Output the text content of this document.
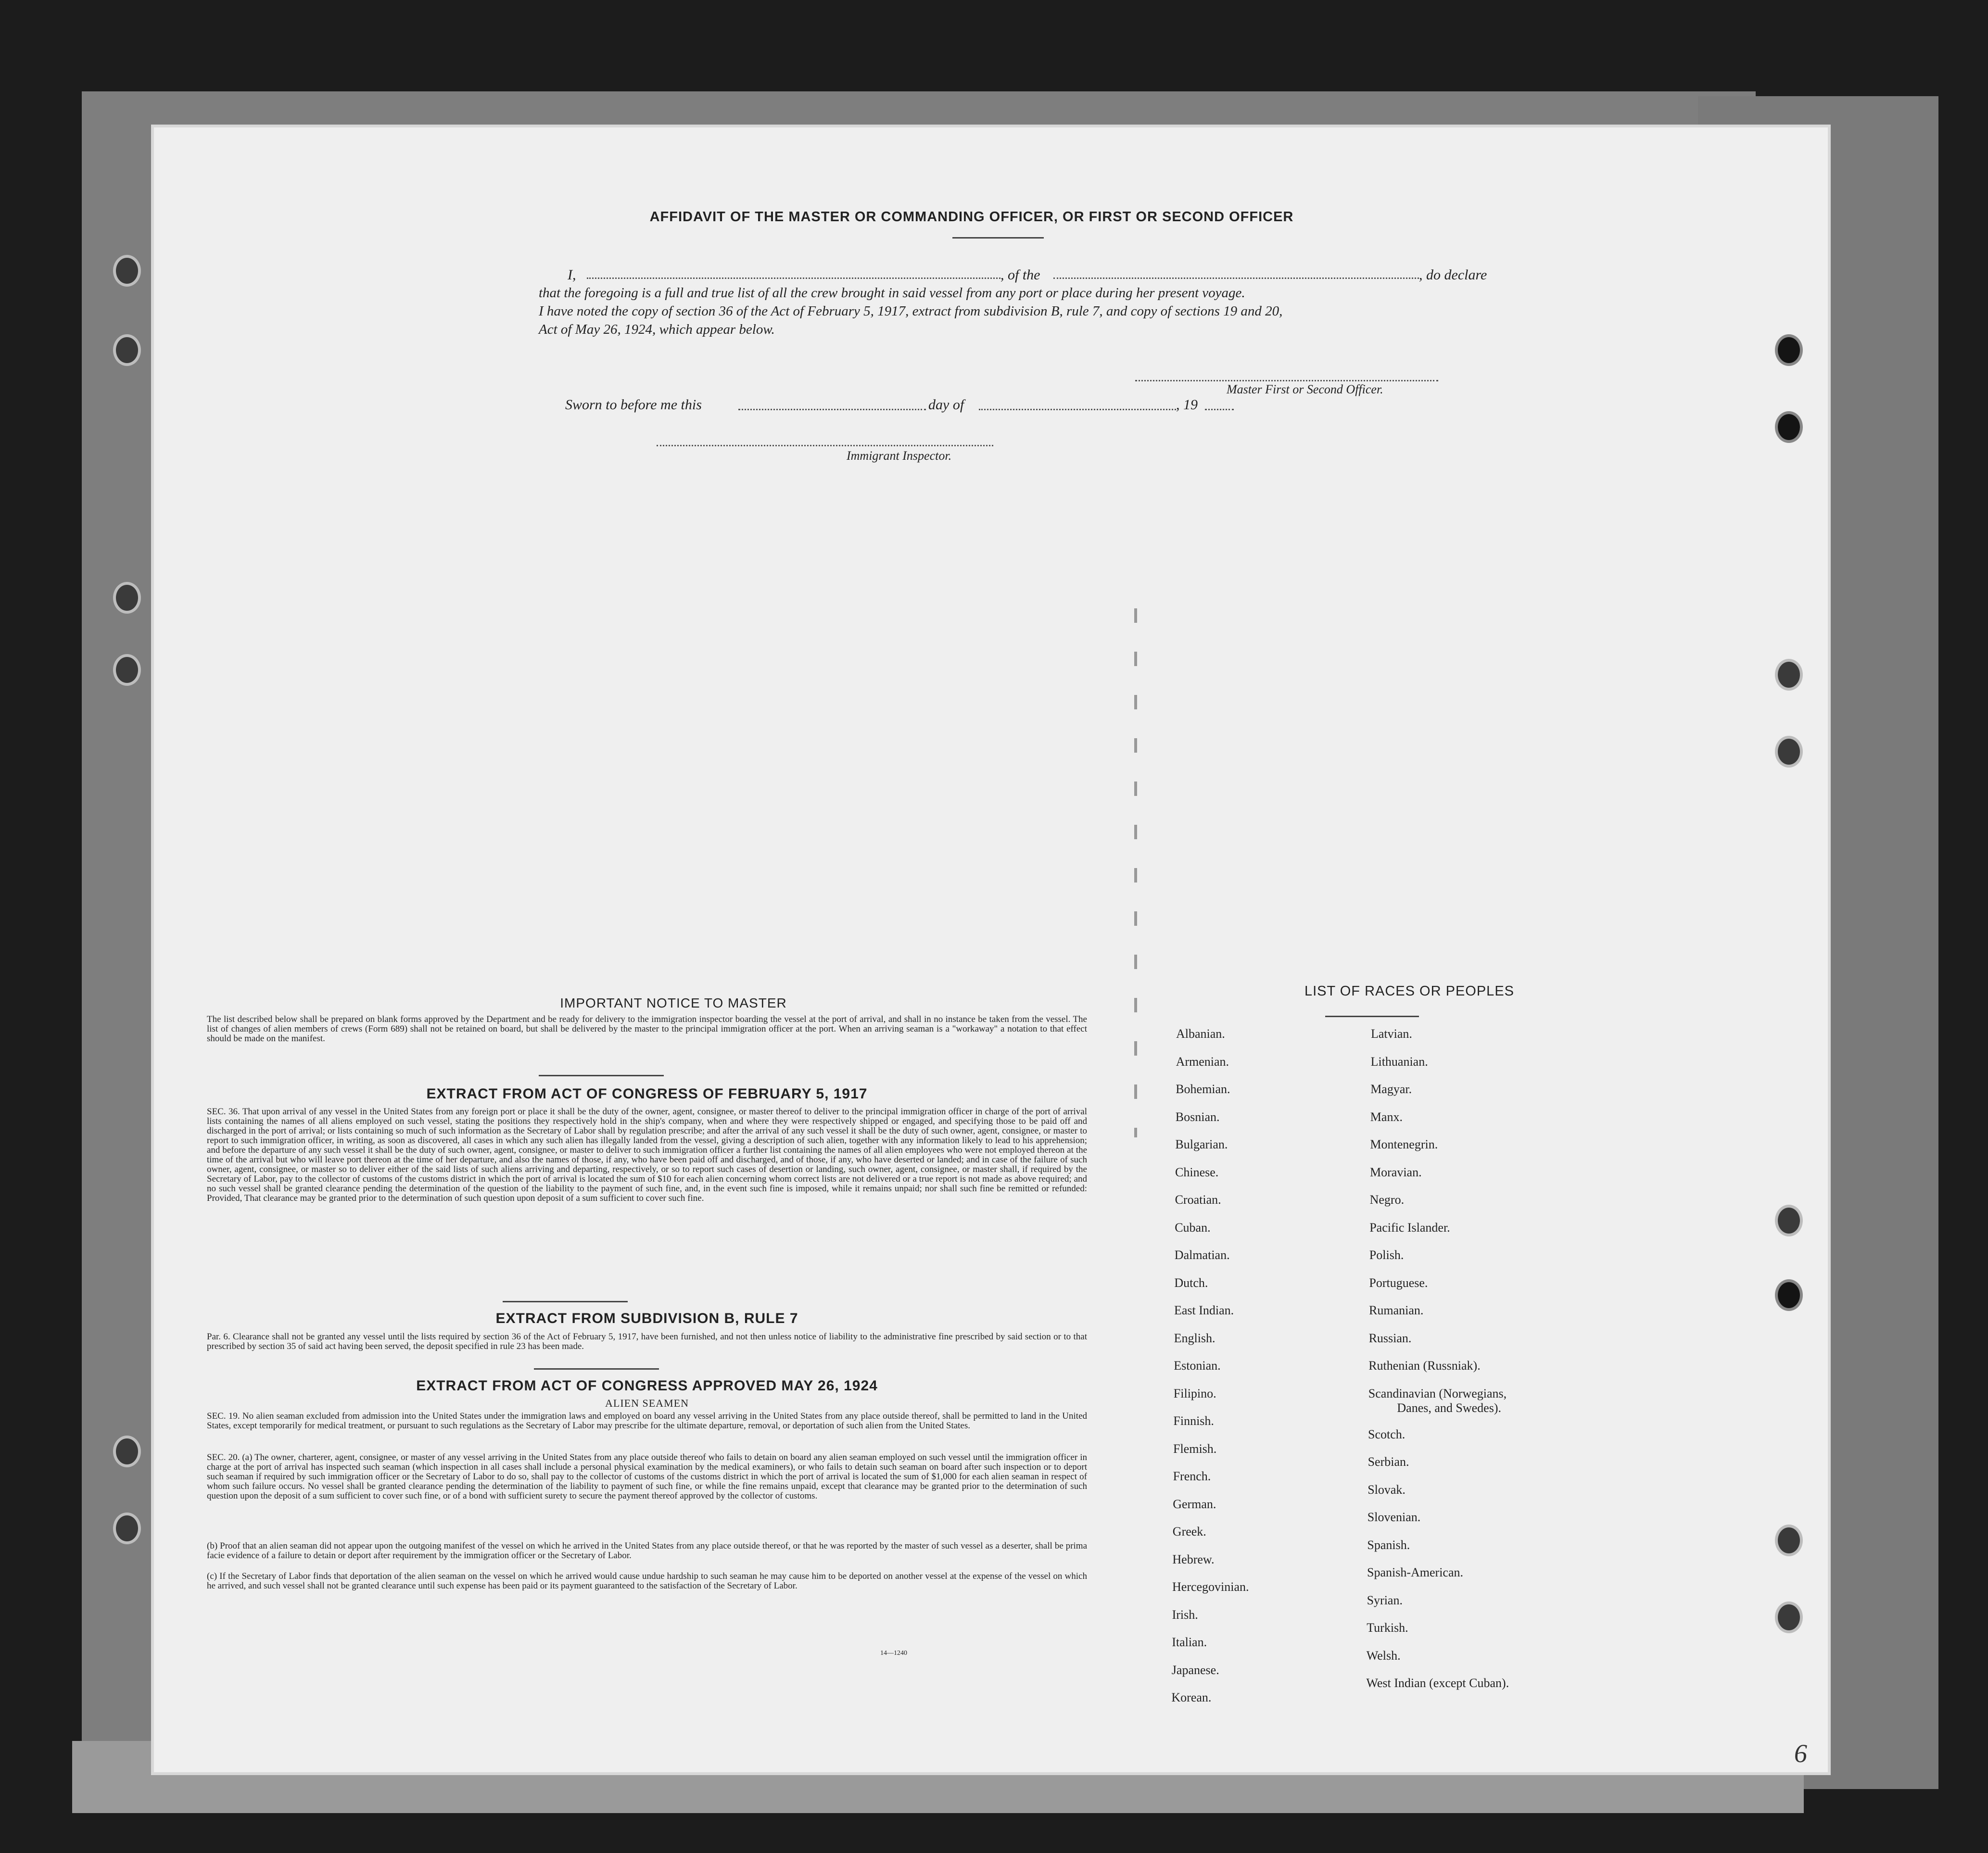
AFFIDAVIT OF THE MASTER OR COMMANDING OFFICER, OR FIRST OR SECOND OFFICER
I,	, of the	, do declare
that the foregoing is a full and true list of all the crew brought in said vessel from any port or place during her present voyage.
I have noted the copy of section 36 of the Act of February 5, 1917, extract from subdivision B, rule 7, and copy of sections 19 and 20,
Act of May 26, 1924, which appear below.
Master First or Second Officer.
Sworn to before me this	day of	, 19
Immigrant Inspector.
IMPORTANT NOTICE TO MASTER
The list described below shall be prepared on blank forms approved by the Department and be ready for delivery to the immigration inspector boarding the vessel at the port of arrival, and shall in no instance be taken from the vessel. The list of changes of alien members of crews (Form 689) shall not be retained on board, but shall be delivered by the master to the principal immigration officer at the port. When an arriving seaman is a "workaway" a notation to that effect should be made on the manifest.
EXTRACT FROM ACT OF CONGRESS OF FEBRUARY 5, 1917
SEC. 36. That upon arrival of any vessel in the United States from any foreign port or place it shall be the duty of the owner, agent, consignee, or master thereof to deliver to the principal immigration officer in charge of the port of arrival lists containing the names of all aliens employed on such vessel, stating the positions they respectively hold in the ship's company, when and where they were respectively shipped or engaged, and specifying those to be paid off and discharged in the port of arrival; or lists containing so much of such information as the Secretary of Labor shall by regulation prescribe; and after the arrival of any such vessel it shall be the duty of such owner, agent, consignee, or master to report to such immigration officer, in writing, as soon as discovered, all cases in which any such alien has illegally landed from the vessel, giving a description of such alien, together with any information likely to lead to his apprehension; and before the departure of any such vessel it shall be the duty of such owner, agent, consignee, or master to deliver to such immigration officer a further list containing the names of all alien employees who were not employed thereon at the time of the arrival but who will leave port thereon at the time of her departure, and also the names of those, if any, who have been paid off and discharged, and of those, if any, who have deserted or landed; and in case of the failure of such owner, agent, consignee, or master so to deliver either of the said lists of such aliens arriving and departing, respectively, or so to report such cases of desertion or landing, such owner, agent, consignee, or master shall, if required by the Secretary of Labor, pay to the collector of customs of the customs district in which the port of arrival is located the sum of $10 for each alien concerning whom correct lists are not delivered or a true report is not made as above required; and no such vessel shall be granted clearance pending the determination of the question of the liability to the payment of such fine, and, in the event such fine is imposed, while it remains unpaid; nor shall such fine be remitted or refunded: Provided, That clearance may be granted prior to the determination of such question upon deposit of a sum sufficient to cover such fine.
EXTRACT FROM SUBDIVISION B, RULE 7
Par. 6. Clearance shall not be granted any vessel until the lists required by section 36 of the Act of February 5, 1917, have been furnished, and not then unless notice of liability to the administrative fine prescribed by said section or to that prescribed by section 35 of said act having been served, the deposit specified in rule 23 has been made.
EXTRACT FROM ACT OF CONGRESS APPROVED MAY 26, 1924
ALIEN SEAMEN
SEC. 19. No alien seaman excluded from admission into the United States under the immigration laws and employed on board any vessel arriving in the United States from any place outside thereof, shall be permitted to land in the United States, except temporarily for medical treatment, or pursuant to such regulations as the Secretary of Labor may prescribe for the ultimate departure, removal, or deportation of such alien from the United States.
SEC. 20. (a) The owner, charterer, agent, consignee, or master of any vessel arriving in the United States from any place outside thereof who fails to detain on board any alien seaman employed on such vessel until the immigration officer in charge at the port of arrival has inspected such seaman (which inspection in all cases shall include a personal physical examination by the medical examiners), or who fails to detain such seaman on board after such inspection or to deport such seaman if required by such immigration officer or the Secretary of Labor to do so, shall pay to the collector of customs of the customs district in which the port of arrival is located the sum of $1,000 for each alien seaman in respect of whom such failure occurs. No vessel shall be granted clearance pending the determination of the liability to payment of such fine, or while the fine remains unpaid, except that clearance may be granted prior to the determination of such question upon the deposit of a sum sufficient to cover such fine, or of a bond with sufficient surety to secure the payment thereof approved by the collector of customs.
(b) Proof that an alien seaman did not appear upon the outgoing manifest of the vessel on which he arrived in the United States from any place outside thereof, or that he was reported by the master of such vessel as a deserter, shall be prima facie evidence of a failure to detain or deport after requirement by the immigration officer or the Secretary of Labor.
(c) If the Secretary of Labor finds that deportation of the alien seaman on the vessel on which he arrived would cause undue hardship to such seaman he may cause him to be deported on another vessel at the expense of the vessel on which he arrived, and such vessel shall not be granted clearance until such expense has been paid or its payment guaranteed to the satisfaction of the Secretary of Labor.
14—1240
LIST OF RACES OR PEOPLES
6
Albanian.
Armenian.
Bohemian.
Bosnian.
Bulgarian.
Chinese.
Croatian.
Cuban.
Dalmatian.
Dutch.
East Indian.
English.
Estonian.
Filipino.
Finnish.
Flemish.
French.
German.
Greek.
Hebrew.
Hercegovinian.
Irish.
Italian.
Japanese.
Korean.
Latvian.
Lithuanian.
Magyar.
Manx.
Montenegrin.
Moravian.
Negro.
Pacific Islander.
Polish.
Portuguese.
Rumanian.
Russian.
Ruthenian (Russniak).
Scandinavian (Norwegians,
Danes, and Swedes).
Scotch.
Serbian.
Slovak.
Slovenian.
Spanish.
Spanish-American.
Syrian.
Turkish.
Welsh.
West Indian (except Cuban).
